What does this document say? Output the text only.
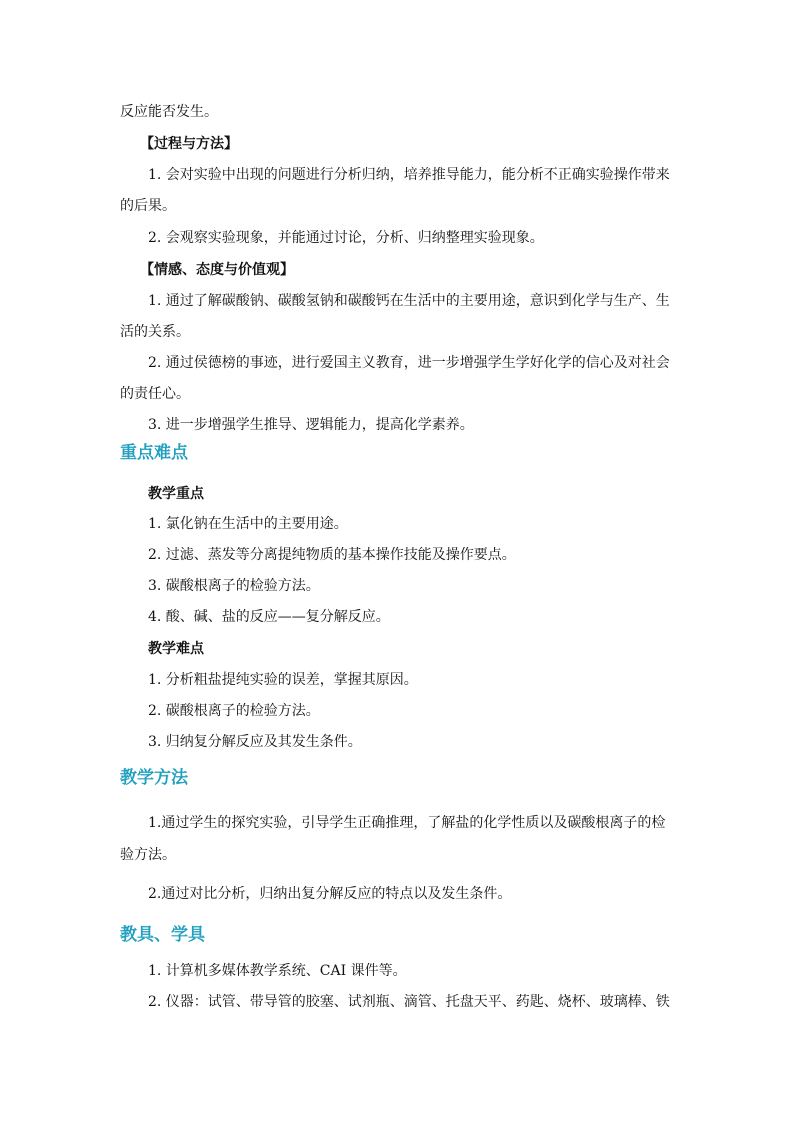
反应能否发生。
【过程与方法】
1. 会对实验中出现的问题进行分析归纳，培养推导能力，能分析不正确实验操作带来
的后果。
2. 会观察实验现象，并能通过讨论，分析、归纳整理实验现象。
【情感、态度与价值观】
1. 通过了解碳酸钠、碳酸氢钠和碳酸钙在生活中的主要用途，意识到化学与生产、生
活的关系。
2. 通过侯德榜的事迹，进行爱国主义教育，进一步增强学生学好化学的信心及对社会
的责任心。
3. 进一步增强学生推导、逻辑能力，提高化学素养。
重点难点
教学重点
1. 氯化钠在生活中的主要用途。
2. 过滤、蒸发等分离提纯物质的基本操作技能及操作要点。
3. 碳酸根离子的检验方法。
4. 酸、碱、盐的反应——复分解反应。
教学难点
1. 分析粗盐提纯实验的误差，掌握其原因。
2. 碳酸根离子的检验方法。
3. 归纳复分解反应及其发生条件。
教学方法
1.通过学生的探究实验，引导学生正确推理，了解盐的化学性质以及碳酸根离子的检
验方法。
2.通过对比分析，归纳出复分解反应的特点以及发生条件。
教具、学具
1. 计算机多媒体教学系统、CAI 课件等。
2. 仪器：试管、带导管的胶塞、试剂瓶、滴管、托盘天平、药匙、烧杯、玻璃棒、铁
